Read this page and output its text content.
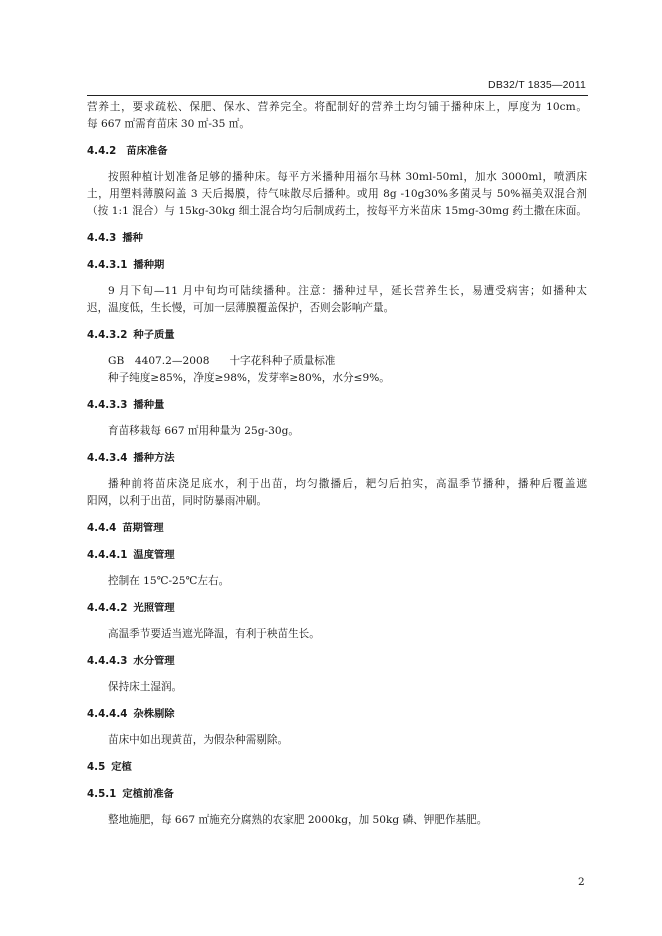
DB32/T 1835—2011
营养土，要求疏松、保肥、保水、营养完全。将配制好的营养土均匀铺于播种床上，厚度为 10cm。
每 667 ㎡需育苗床 30 ㎡-35 ㎡。
4.4.2 苗床准备
按照种植计划准备足够的播种床。每平方米播种用福尔马林 30ml-50ml，加水 3000ml，喷洒床
土，用塑料薄膜闷盖 3 天后揭膜，待气味散尽后播种。或用 8g -10g30%多菌灵与 50%福美双混合剂
（按 1:1 混合）与 15kg-30kg 细土混合均匀后制成药土，按每平方米苗床 15mg-30mg 药土撒在床面。
4.4.3 播种
4.4.3.1 播种期
9 月下旬—11 月中旬均可陆续播种。注意：播种过早，延长营养生长，易遭受病害；如播种太
迟，温度低，生长慢，可加一层薄膜覆盖保护，否则会影响产量。
4.4.3.2 种子质量
GB　4407.2—2008 十字花科种子质量标准
种子纯度≥85%，净度≥98%，发芽率≥80%，水分≤9%。
4.4.3.3 播种量
育苗移栽每 667 ㎡用种量为 25g-30g。
4.4.3.4 播种方法
播种前将苗床浇足底水，利于出苗，均匀撒播后，耙匀后拍实，高温季节播种，播种后覆盖遮
阳网，以利于出苗，同时防暴雨冲刷。
4.4.4 苗期管理
4.4.4.1 温度管理
控制在 15℃-25℃左右。
4.4.4.2 光照管理
高温季节要适当遮光降温，有利于秧苗生长。
4.4.4.3 水分管理
保持床土湿润。
4.4.4.4 杂株剔除
苗床中如出现黄苗，为假杂种需剔除。
4.5 定植
4.5.1 定植前准备
整地施肥，每 667 ㎡施充分腐熟的农家肥 2000kg，加 50kg 磷、钾肥作基肥。
2
